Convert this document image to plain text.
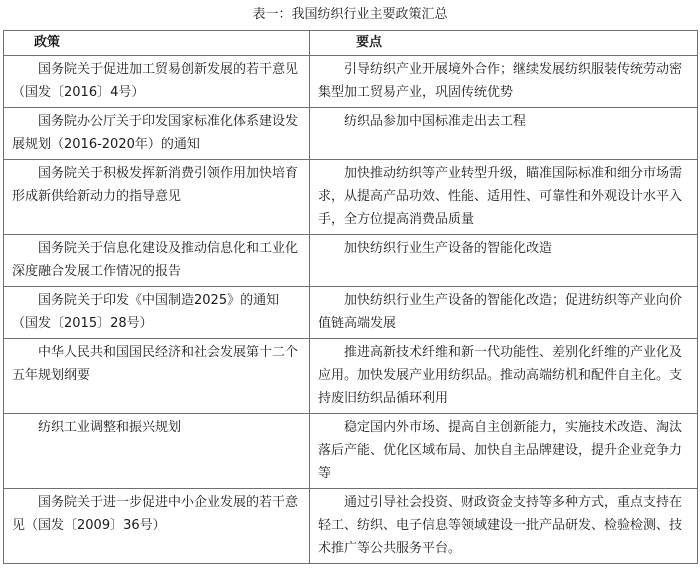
表一：我国纺织行业主要政策汇总
政策	要点
国务院关于促进加工贸易创新发展的若干意见（国发〔2016〕4号）	引导纺织产业开展境外合作；继续发展纺织服装传统劳动密集型加工贸易产业，巩固传统优势
国务院办公厅关于印发国家标准化体系建设发展规划（2016-2020年）的通知	纺织品参加中国标准走出去工程
国务院关于积极发挥新消费引领作用加快培育形成新供给新动力的指导意见	加快推动纺织等产业转型升级，瞄准国际标准和细分市场需求，从提高产品功效、性能、适用性、可靠性和外观设计水平入手，全方位提高消费品质量
国务院关于信息化建设及推动信息化和工业化深度融合发展工作情况的报告	加快纺织行业生产设备的智能化改造
国务院关于印发《中国制造2025》的通知（国发〔2015〕28号）	加快纺织行业生产设备的智能化改造；促进纺织等产业向价值链高端发展
中华人民共和国国民经济和社会发展第十二个五年规划纲要	推进高新技术纤维和新一代功能性、差别化纤维的产业化及应用。加快发展产业用纺织品。推动高端纺机和配件自主化。支持废旧纺织品循环利用
纺织工业调整和振兴规划	稳定国内外市场、提高自主创新能力，实施技术改造、淘汰落后产能、优化区域布局、加快自主品牌建设，提升企业竞争力等
国务院关于进一步促进中小企业发展的若干意见（国发〔2009〕36号）	通过引导社会投资、财政资金支持等多种方式，重点支持在轻工、纺织、电子信息等领域建设一批产品研发、检验检测、技术推广等公共服务平台。
